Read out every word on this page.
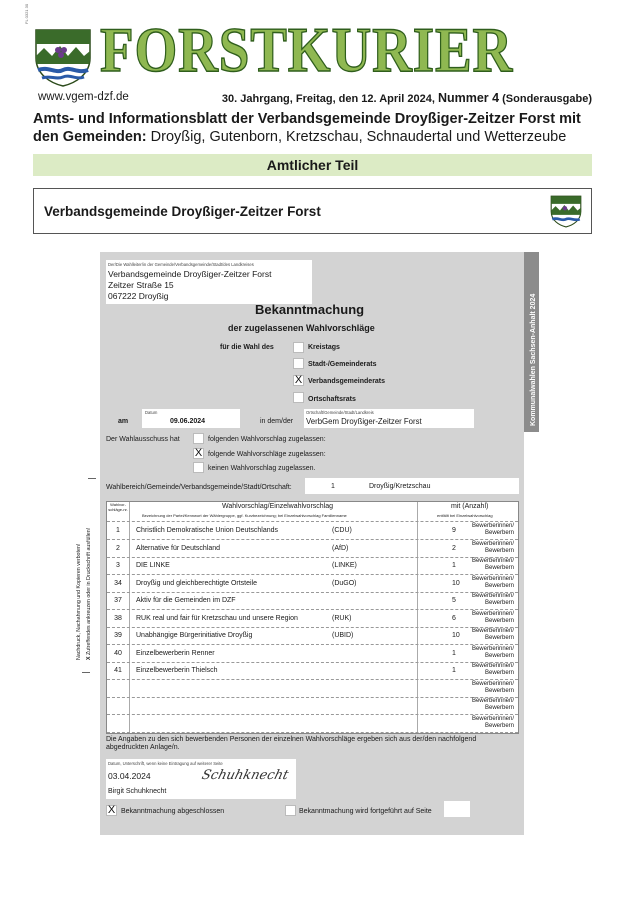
FL 0321 30
FORSTKURIER
www.vgem-dzf.de	30. Jahrgang, Freitag, den 12. April 2024, Nummer 4 (Sonderausgabe)
Amts- und Informationsblatt der Verbandsgemeinde Droyßiger-Zeitzer Forst mit den Gemeinden: Droyßig, Gutenborn, Kretzschau, Schnaudertal und Wetterzeube
Amtlicher Teil
Verbandsgemeinde Droyßiger-Zeitzer Forst
Nachdruck, Nachahmung und Kopieren verboten! X Zutreffendes ankreuzen oder in Druckschrift ausfüllen!
Kommunalwahlen Sachsen-Anhalt 2024
Der/Die Wahlleiter/in der Gemeinde/Verbandsgemeinde/Stadt/des Landkreises
Verbandsgemeinde Droyßiger-Zeitzer Forst
Zeitzer Straße 15
067222 Droyßig
Bekanntmachung
der zugelassenen Wahlvorschläge
für die Wahl des	Kreistags
Stadt-/Gemeinderats
X Verbandsgemeinderats
Ortschaftsrats
am
Datum
09.06.2024	in dem/der
Ortschaft/Gemeinde/Stadt/Landkreis
VerbGem Droyßiger-Zeitzer Forst
Der Wahlausschuss hat	folgenden Wahlvorschlag zugelassen:
X folgende Wahlvorschläge zugelassen:
keinen Wahlvorschlag zugelassen.
Wahlbereich/Gemeinde/Verbandsgemeinde/Stadt/Ortschaft:	1	Droyßig/Kretzschau
Wahlvor-schläge-nr.	Wahlvorschlag/Einzelwahlvorschlag
Bezeichnung der Partei/Kennwort der Wählergruppe, ggf. Kurzbezeichnung; bei Einzelwahlvorschlag Familienname
mit (Anzahl)
entfällt bei Einzelwahlvorschlag
1	Christlich Demokratische Union Deutschlands	(CDU)	9
Bewerberinnen/ Bewerbern
2	Alternative für Deutschland	(AfD)	2
Bewerberinnen/ Bewerbern
3	DIE LINKE	(LINKE)	1
Bewerberinnen/ Bewerbern
34	Droyßig und gleichberechtigte Ortsteile	(DuGO)	10
Bewerberinnen/ Bewerbern
37	Aktiv für die Gemeinden im DZF	5
Bewerberinnen/ Bewerbern
38	RUK real und fair für Kretzschau und unsere Region	(RUK)	6
Bewerberinnen/ Bewerbern
39	Unabhängige Bürgerinitiative Droyßig	(UBID)	10
Bewerberinnen/ Bewerbern
40	Einzelbewerberin Renner	1
Bewerberinnen/ Bewerbern
41	Einzelbewerberin Thielsch	1
Bewerberinnen/ Bewerbern
Bewerberinnen/ Bewerbern
Bewerberinnen/ Bewerbern
Bewerberinnen/ Bewerbern
Die Angaben zu den sich bewerbenden Personen der einzelnen Wahlvorschläge ergeben sich aus der/den nachfolgend abgedruckten Anlage/n.
Datum, Unterschrift, wenn keine Eintragung auf weiterer Seite
03.04.2024
Birgit Schuhknecht
Schuhknecht
X Bekanntmachung abgeschlossen	Bekanntmachung wird fortgeführt auf Seite
